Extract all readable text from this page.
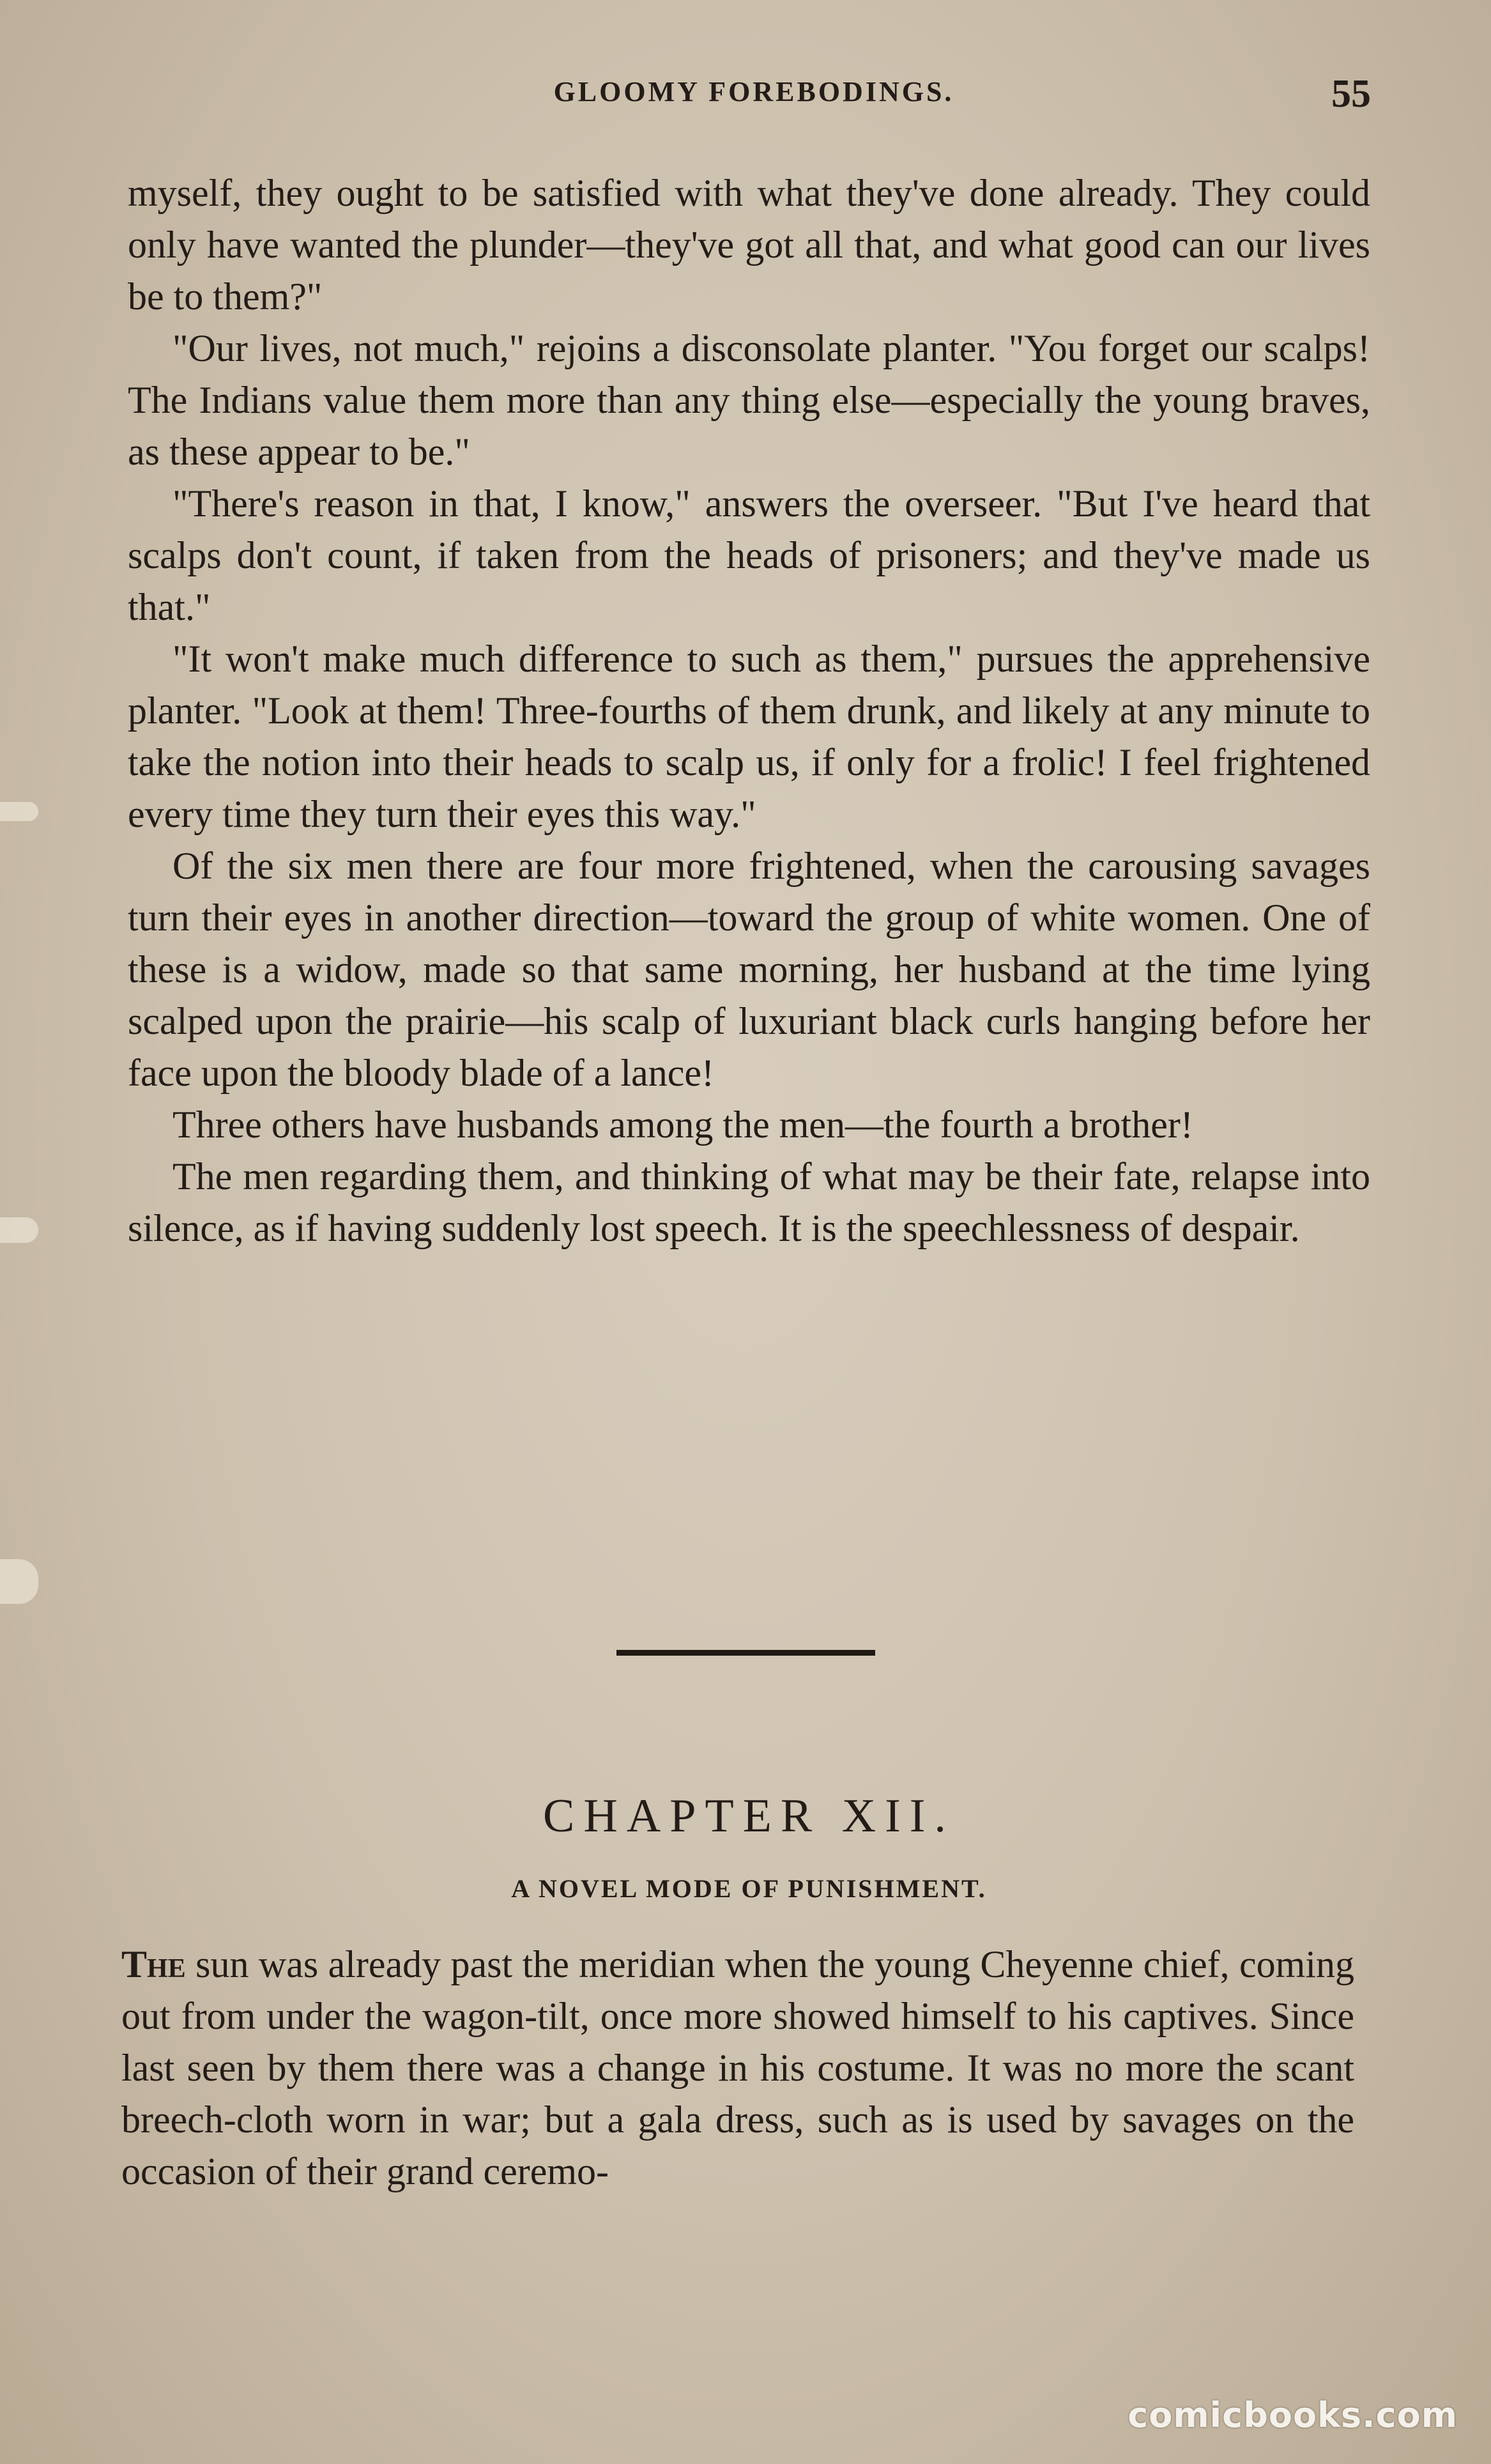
GLOOMY FOREBODINGS.	55

myself, they ought to be satisfied with what they've done already. They could only have wanted the plunder—they've got all that, and what good can our lives be to them?"

"Our lives, not much," rejoins a disconsolate planter. "You forget our scalps! The Indians value them more than any thing else—especially the young braves, as these appear to be."

"There's reason in that, I know," answers the overseer. "But I've heard that scalps don't count, if taken from the heads of prisoners; and they've made us that."

"It won't make much difference to such as them," pursues the apprehensive planter. "Look at them! Three-fourths of them drunk, and likely at any minute to take the notion into their heads to scalp us, if only for a frolic! I feel frightened every time they turn their eyes this way."

Of the six men there are four more frightened, when the carousing savages turn their eyes in another direction—toward the group of white women. One of these is a widow, made so that same morning, her husband at the time lying scalped upon the prairie—his scalp of luxuriant black curls hanging before her face upon the bloody blade of a lance!

Three others have husbands among the men—the fourth a brother!

The men regarding them, and thinking of what may be their fate, relapse into silence, as if having suddenly lost speech. It is the speechlessness of despair.

CHAPTER XII.
A NOVEL MODE OF PUNISHMENT.

The sun was already past the meridian when the young Cheyenne chief, coming out from under the wagon-tilt, once more showed himself to his captives. Since last seen by them there was a change in his costume. It was no more the scant breech-cloth worn in war; but a gala dress, such as is used by savages on the occasion of their grand ceremo-

comicbooks.com
